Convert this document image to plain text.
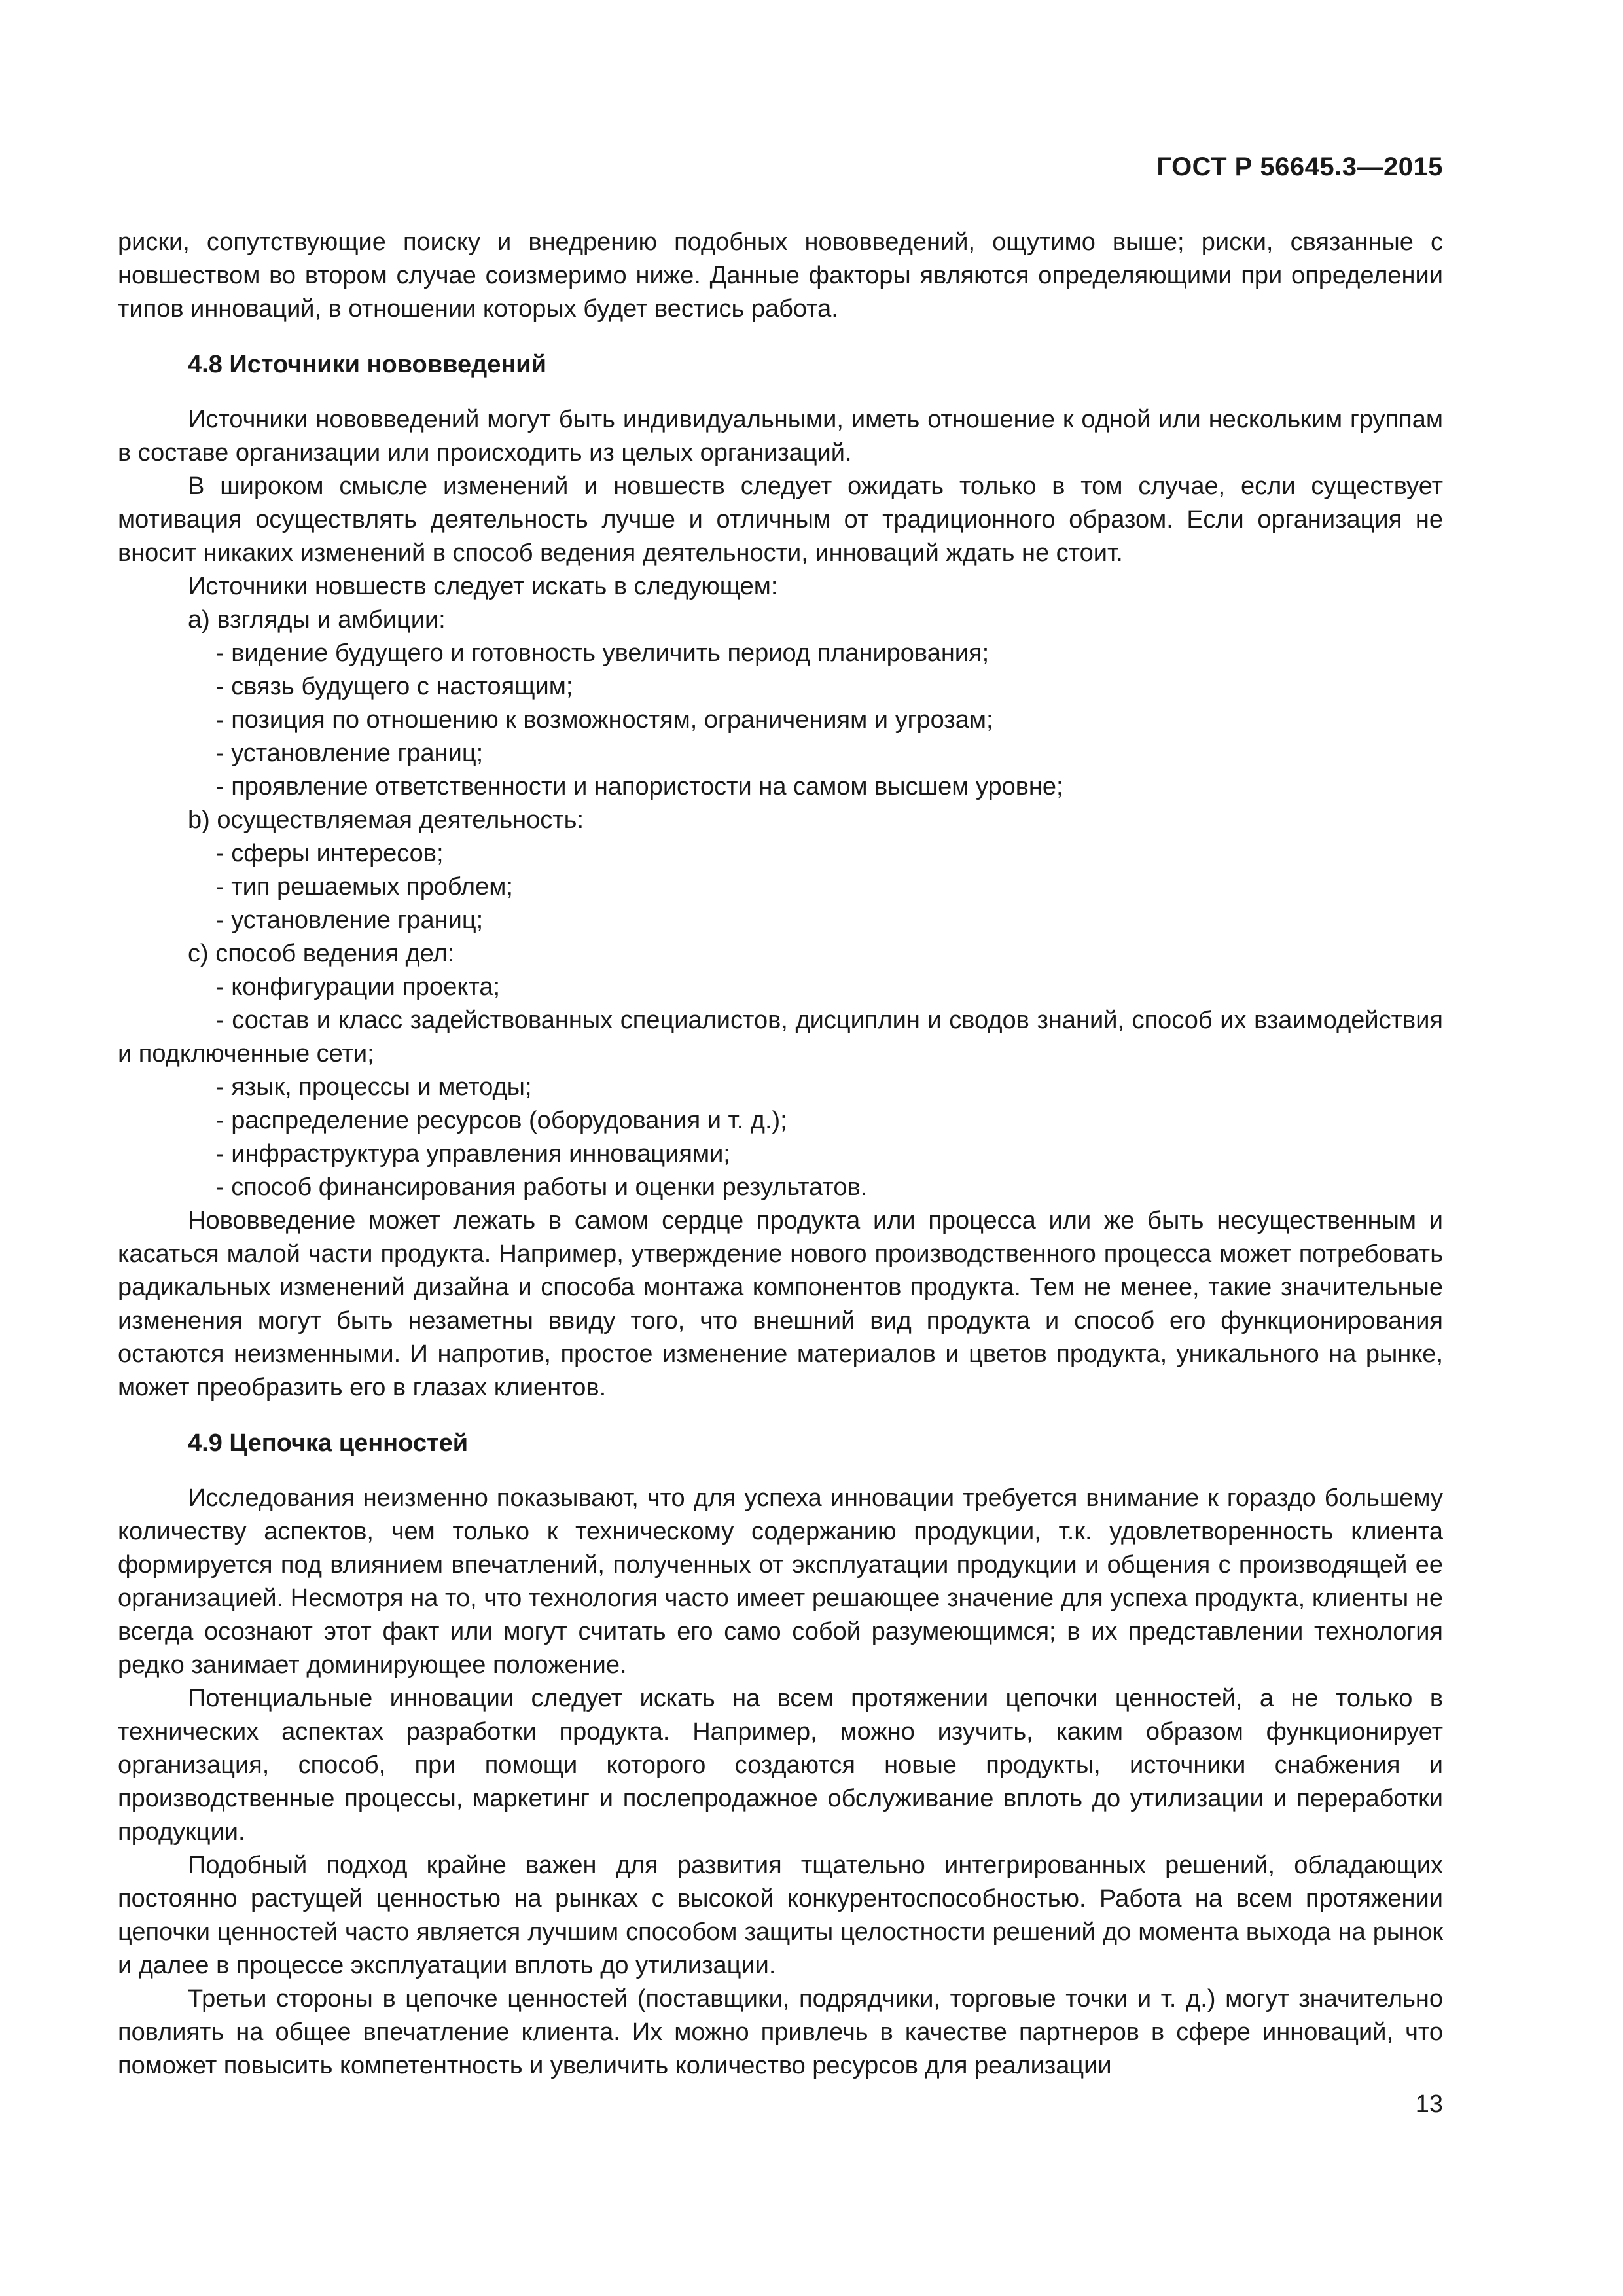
ГОСТ Р 56645.3—2015

риски, сопутствующие поиску и внедрению подобных нововведений, ощутимо выше; риски, связанные с новшеством во втором случае соизмеримо ниже. Данные факторы являются определяющими при определении типов инноваций, в отношении которых будет вестись работа.

4.8 Источники нововведений

Источники нововведений могут быть индивидуальными, иметь отношение к одной или нескольким группам в составе организации или происходить из целых организаций.

В широком смысле изменений и новшеств следует ожидать только в том случае, если существует мотивация осуществлять деятельность лучше и отличным от традиционного образом. Если организация не вносит никаких изменений в способ ведения деятельности, инноваций ждать не стоит.

Источники новшеств следует искать в следующем:

a) взгляды и амбиции:

- видение будущего и готовность увеличить период планирования;

- связь будущего с настоящим;

- позиция по отношению к возможностям, ограничениям и угрозам;

- установление границ;

- проявление ответственности и напористости на самом высшем уровне;

b) осуществляемая деятельность:

- сферы интересов;

- тип решаемых проблем;

- установление границ;

c) способ ведения дел:

- конфигурации проекта;

- состав и класс задействованных специалистов, дисциплин и сводов знаний, способ их взаимодействия и подключенные сети;

- язык, процессы и методы;

- распределение ресурсов (оборудования и т. д.);

- инфраструктура управления инновациями;

- способ финансирования работы и оценки результатов.

Нововведение может лежать в самом сердце продукта или процесса или же быть несущественным и касаться малой части продукта. Например, утверждение нового производственного процесса может потребовать радикальных изменений дизайна и способа монтажа компонентов продукта. Тем не менее, такие значительные изменения могут быть незаметны ввиду того, что внешний вид продукта и способ его функционирования остаются неизменными. И напротив, простое изменение материалов и цветов продукта, уникального на рынке, может преобразить его в глазах клиентов.

4.9 Цепочка ценностей

Исследования неизменно показывают, что для успеха инновации требуется внимание к гораздо большему количеству аспектов, чем только к техническому содержанию продукции, т.к. удовлетворенность клиента формируется под влиянием впечатлений, полученных от эксплуатации продукции и общения с производящей ее организацией. Несмотря на то, что технология часто имеет решающее значение для успеха продукта, клиенты не всегда осознают этот факт или могут считать его само собой разумеющимся; в их представлении технология редко занимает доминирующее положение.

Потенциальные инновации следует искать на всем протяжении цепочки ценностей, а не только в технических аспектах разработки продукта. Например, можно изучить, каким образом функционирует организация, способ, при помощи которого создаются новые продукты, источники снабжения и производственные процессы, маркетинг и послепродажное обслуживание вплоть до утилизации и переработки продукции.

Подобный подход крайне важен для развития тщательно интегрированных решений, обладающих постоянно растущей ценностью на рынках с высокой конкурентоспособностью. Работа на всем протяжении цепочки ценностей часто является лучшим способом защиты целостности решений до момента выхода на рынок и далее в процессе эксплуатации вплоть до утилизации.

Третьи стороны в цепочке ценностей (поставщики, подрядчики, торговые точки и т. д.) могут значительно повлиять на общее впечатление клиента. Их можно привлечь в качестве партнеров в сфере инноваций, что поможет повысить компетентность и увеличить количество ресурсов для реализации

13
